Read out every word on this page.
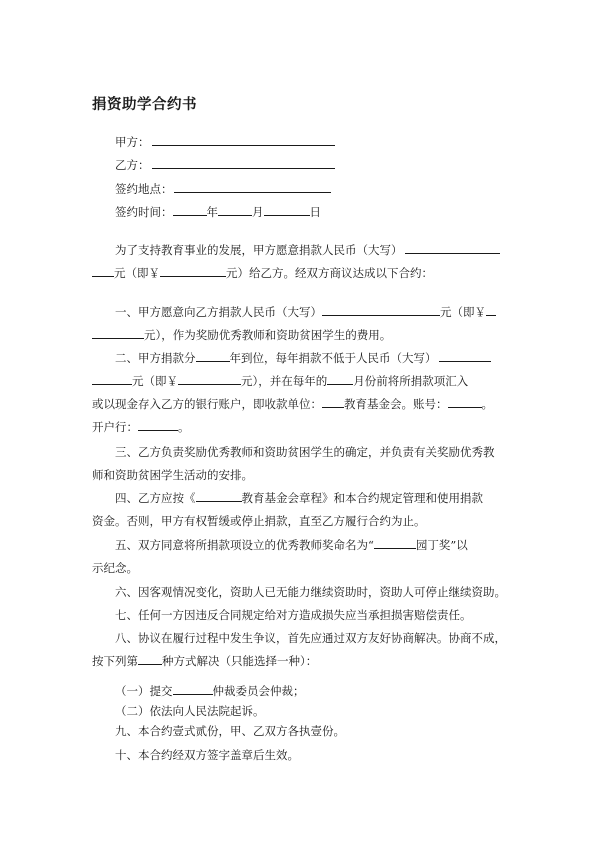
捐资助学合约书
甲方：
乙方：
签约地点：
签约时间：	年	月	日
为了支持教育事业的发展，甲方愿意捐款人民币（大写）
元（即￥	元）给乙方。经双方商议达成以下合约：
一、甲方愿意向乙方捐款人民币（大写）	元（即￥
元），作为奖励优秀教师和资助贫困学生的费用。
二、甲方捐款分	年到位，每年捐款不低于人民币（大写）
元（即￥	元），并在每年的 月份前将所捐款项汇入
或以现金存入乙方的银行账户，即收款单位： 教育基金会。账号：	。
开户行：	。
三、乙方负责奖励优秀教师和资助贫困学生的确定，并负责有关奖励优秀教
师和资助贫困学生活动的安排。
四、乙方应按《	教育基金会章程》和本合约规定管理和使用捐款
资金。否则，甲方有权暂缓或停止捐款，直至乙方履行合约为止。
五、双方同意将所捐款项设立的优秀教师奖命名为“	园丁奖”以
示纪念。
六、因客观情况变化，资助人已无能力继续资助时，资助人可停止继续资助。
七、任何一方因违反合同规定给对方造成损失应当承担损害赔偿责任。
八、协议在履行过程中发生争议，首先应通过双方友好协商解决。协商不成，
按下列第 种方式解决（只能选择一种）：
（一）提交	仲裁委员会仲裁；
（二）依法向人民法院起诉。
九、本合约壹式贰份，甲、乙双方各执壹份。
十、本合约经双方签字盖章后生效。
